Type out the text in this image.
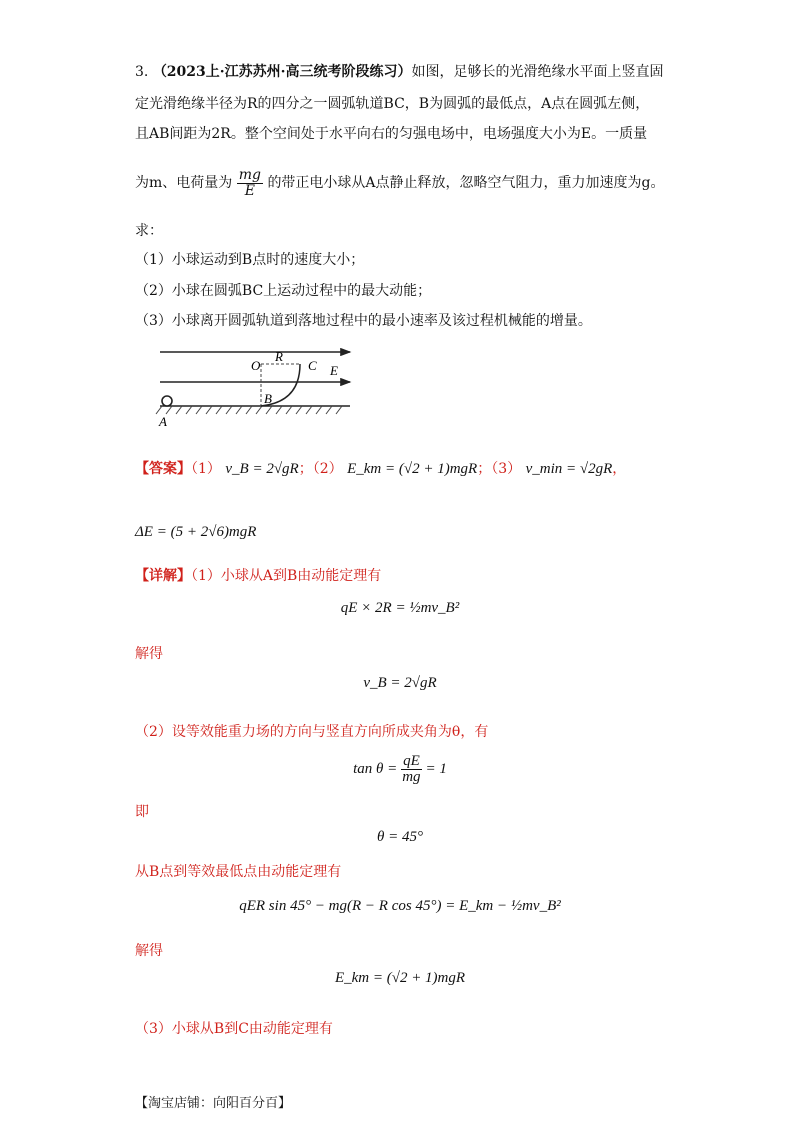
3. （2023上·江苏苏州·高三统考阶段练习）如图，足够长的光滑绝缘水平面上竖直固
定光滑绝缘半径为R的四分之一圆弧轨道BC，B为圆弧的最低点，A点在圆弧左侧，
且AB间距为2R。整个空间处于水平向右的匀强电场中，电场强度大小为E。一质量
为m、电荷量为 $\frac{mg}{E}$ 的带正电小球从A点静止释放，忽略空气阻力，重力加速度为g。
求：
（1）小球运动到B点时的速度大小；
（2）小球在圆弧BC上运动过程中的最大动能；
（3）小球离开圆弧轨道到落地过程中的最小速率及该过程机械能的增量。
O
R
C E
B
A
【答案】（1） v_B = 2√gR；（2） E_km = (√2 + 1)mgR；（3） v_min = √2gR，
ΔE = (5 + 2√6)mgR
【详解】（1）小球从A到B由动能定理有
qE × 2R = ½mv_B²
解得
v_B = 2√gR
（2）设等效能重力场的方向与竖直方向所成夹角为θ，有
$\tan \theta = \frac{qE}{mg} = 1$
即
θ = 45°
从B点到等效最低点由动能定理有
qER sin 45° − mg(R − R cos 45°) = E_km − ½mv_B²
解得
E_km = (√2 + 1)mgR
（3）小球从B到C由动能定理有
【淘宝店铺：向阳百分百】
